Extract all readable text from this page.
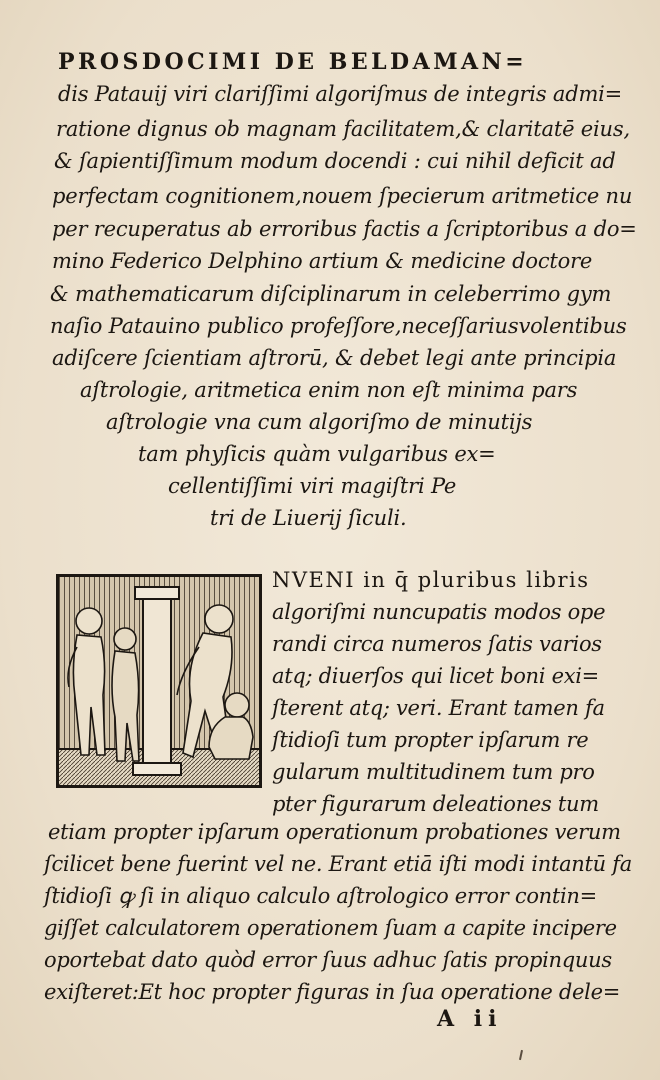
PROSDOCIMI DE BELDAMAN=
dis Patauij viri clariſſimi algoriſmus de integris admi=
ratione dignus ob magnam facilitatem,& claritatē eius,
& ſapientiſſimum modum docendi : cui nihil deficit ad
perfectam cognitionem,nouem ſpecierum aritmetice nu
per recuperatus ab erroribus factis a ſcriptoribus a do=
mino Federico Delphino artium & medicine doctore
& mathematicarum diſciplinarum in celeberrimo gym
naſio Patauino publico profeſſore,neceſſariusvolentibus
adiſcere ſcientiam aſtrorū, & debet legi ante principia
aſtrologie, aritmetica enim non eſt minima pars
aſtrologie vna cum algoriſmo de minutijs
tam phyſicis quàm vulgaribus ex=
cellentiſſimi viri magiſtri Pe
tri de Liuerij ſiculi.
NVENI in q̄ pluribus libris
algoriſmi nuncupatis modos ope
randi circa numeros ſatis varios
atq; diuerſos qui licet boni exi=
ſterent atq; veri. Erant tamen fa
ſtidioſi tum propter ipſarum re
gularum multitudinem tum pro
pter figurarum deleationes tum
etiam propter ipſarum operationum probationes verum
ſcilicet bene fuerint vel ne. Erant etiā iſti modi intantū fa
ſtidioſi ꝙ ſi in aliquo calculo aſtrologico error contin=
giſſet calculatorem operationem ſuam a capite incipere
oportebat dato quòd error ſuus adhuc ſatis propinquus
exiſteret:Et hoc propter figuras in ſua operatione dele=
A ii
